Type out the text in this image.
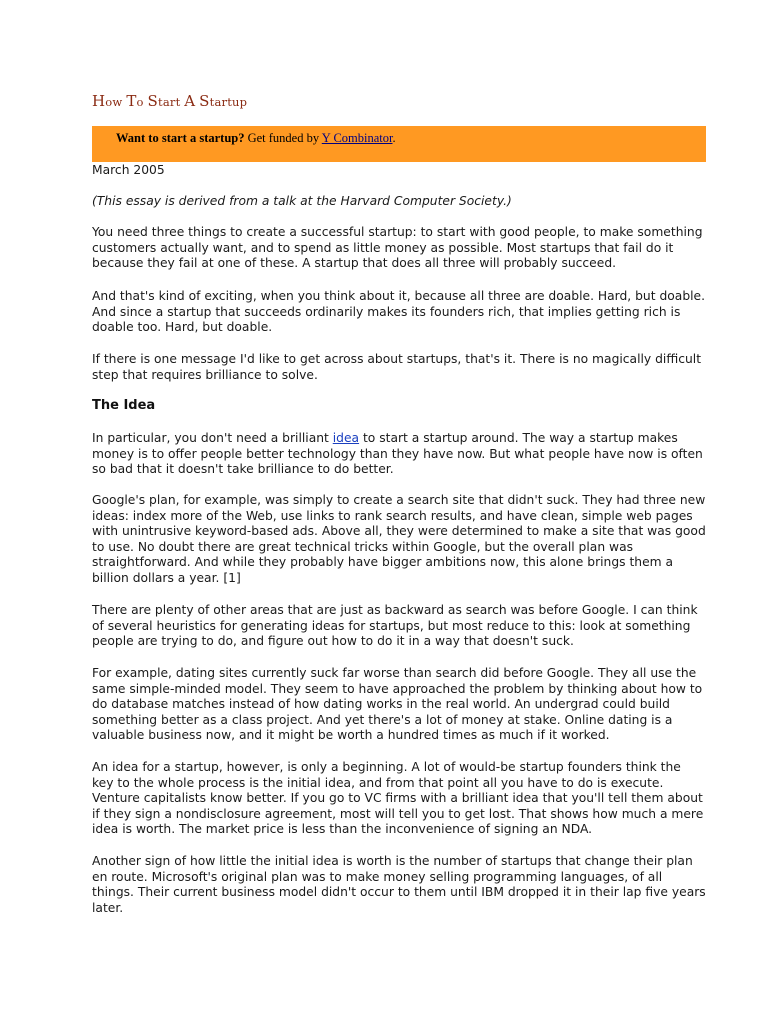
How To Start A Startup
Want to start a startup? Get funded by Y Combinator.

March 2005

(This essay is derived from a talk at the Harvard Computer Society.)

You need three things to create a successful startup: to start with good people, to make something customers actually want, and to spend as little money as possible. Most startups that fail do it because they fail at one of these. A startup that does all three will probably succeed.

And that's kind of exciting, when you think about it, because all three are doable. Hard, but doable. And since a startup that succeeds ordinarily makes its founders rich, that implies getting rich is doable too. Hard, but doable.

If there is one message I'd like to get across about startups, that's it. There is no magically difficult step that requires brilliance to solve.

The Idea

In particular, you don't need a brilliant idea to start a startup around. The way a startup makes money is to offer people better technology than they have now. But what people have now is often so bad that it doesn't take brilliance to do better.

Google's plan, for example, was simply to create a search site that didn't suck. They had three new ideas: index more of the Web, use links to rank search results, and have clean, simple web pages with unintrusive keyword-based ads. Above all, they were determined to make a site that was good to use. No doubt there are great technical tricks within Google, but the overall plan was straightforward. And while they probably have bigger ambitions now, this alone brings them a billion dollars a year. [1]

There are plenty of other areas that are just as backward as search was before Google. I can think of several heuristics for generating ideas for startups, but most reduce to this: look at something people are trying to do, and figure out how to do it in a way that doesn't suck.

For example, dating sites currently suck far worse than search did before Google. They all use the same simple-minded model. They seem to have approached the problem by thinking about how to do database matches instead of how dating works in the real world. An undergrad could build something better as a class project. And yet there's a lot of money at stake. Online dating is a valuable business now, and it might be worth a hundred times as much if it worked.

An idea for a startup, however, is only a beginning. A lot of would-be startup founders think the key to the whole process is the initial idea, and from that point all you have to do is execute. Venture capitalists know better. If you go to VC firms with a brilliant idea that you'll tell them about if they sign a nondisclosure agreement, most will tell you to get lost. That shows how much a mere idea is worth. The market price is less than the inconvenience of signing an NDA.

Another sign of how little the initial idea is worth is the number of startups that change their plan en route. Microsoft's original plan was to make money selling programming languages, of all things. Their current business model didn't occur to them until IBM dropped it in their lap five years later.
